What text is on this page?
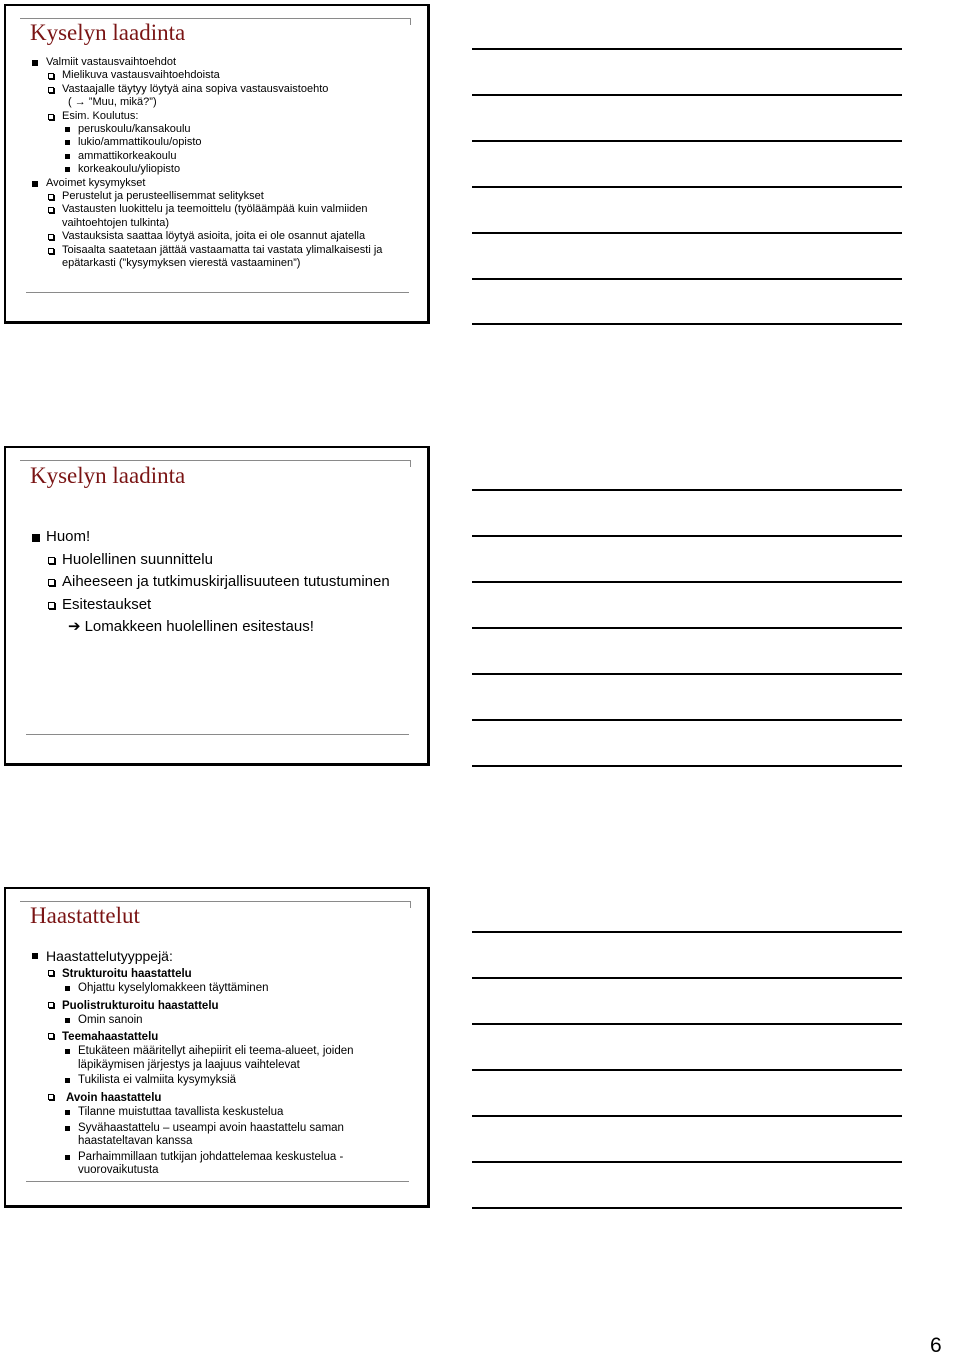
Kyselyn laadinta
Valmiit vastausvaihtoehdot
Mielikuva vastausvaihtoehdoista
Vastaajalle täytyy löytyä aina sopiva vastausvaistoehto
( → ”Muu, mikä?”)
Esim. Koulutus:
peruskoulu/kansakoulu
lukio/ammattikoulu/opisto
ammattikorkeakoulu
korkeakoulu/yliopisto
Avoimet kysymykset
Perustelut ja perusteellisemmat selitykset
Vastausten luokittelu ja teemoittelu (työläämpää kuin valmiiden vaihtoehtojen tulkinta)
Vastauksista saattaa löytyä asioita, joita ei ole osannut ajatella
Toisaalta saatetaan jättää vastaamatta tai vastata ylimalkaisesti ja epätarkasti (”kysymyksen vierestä vastaaminen”)
Kyselyn laadinta
Huom!
Huolellinen suunnittelu
Aiheeseen ja tutkimuskirjallisuuteen tutustuminen
Esitestaukset
➔ Lomakkeen huolellinen esitestaus!
Haastattelut
Haastattelutyyppejä:
Strukturoitu haastattelu
Ohjattu kyselylomakkeen täyttäminen
Puolistrukturoitu haastattelu
Omin sanoin
Teemahaastattelu
Etukäteen määritellyt aihepiirit eli teema-alueet, joiden läpikäymisen järjestys ja laajuus vaihtelevat
Tukilista ei valmiita kysymyksiä
Avoin haastattelu
Tilanne muistuttaa tavallista keskustelua
Syvähaastattelu – useampi avoin haastattelu saman haastateltavan kanssa
Parhaimmillaan tutkijan johdattelemaa keskustelua - vuorovaikutusta
6
